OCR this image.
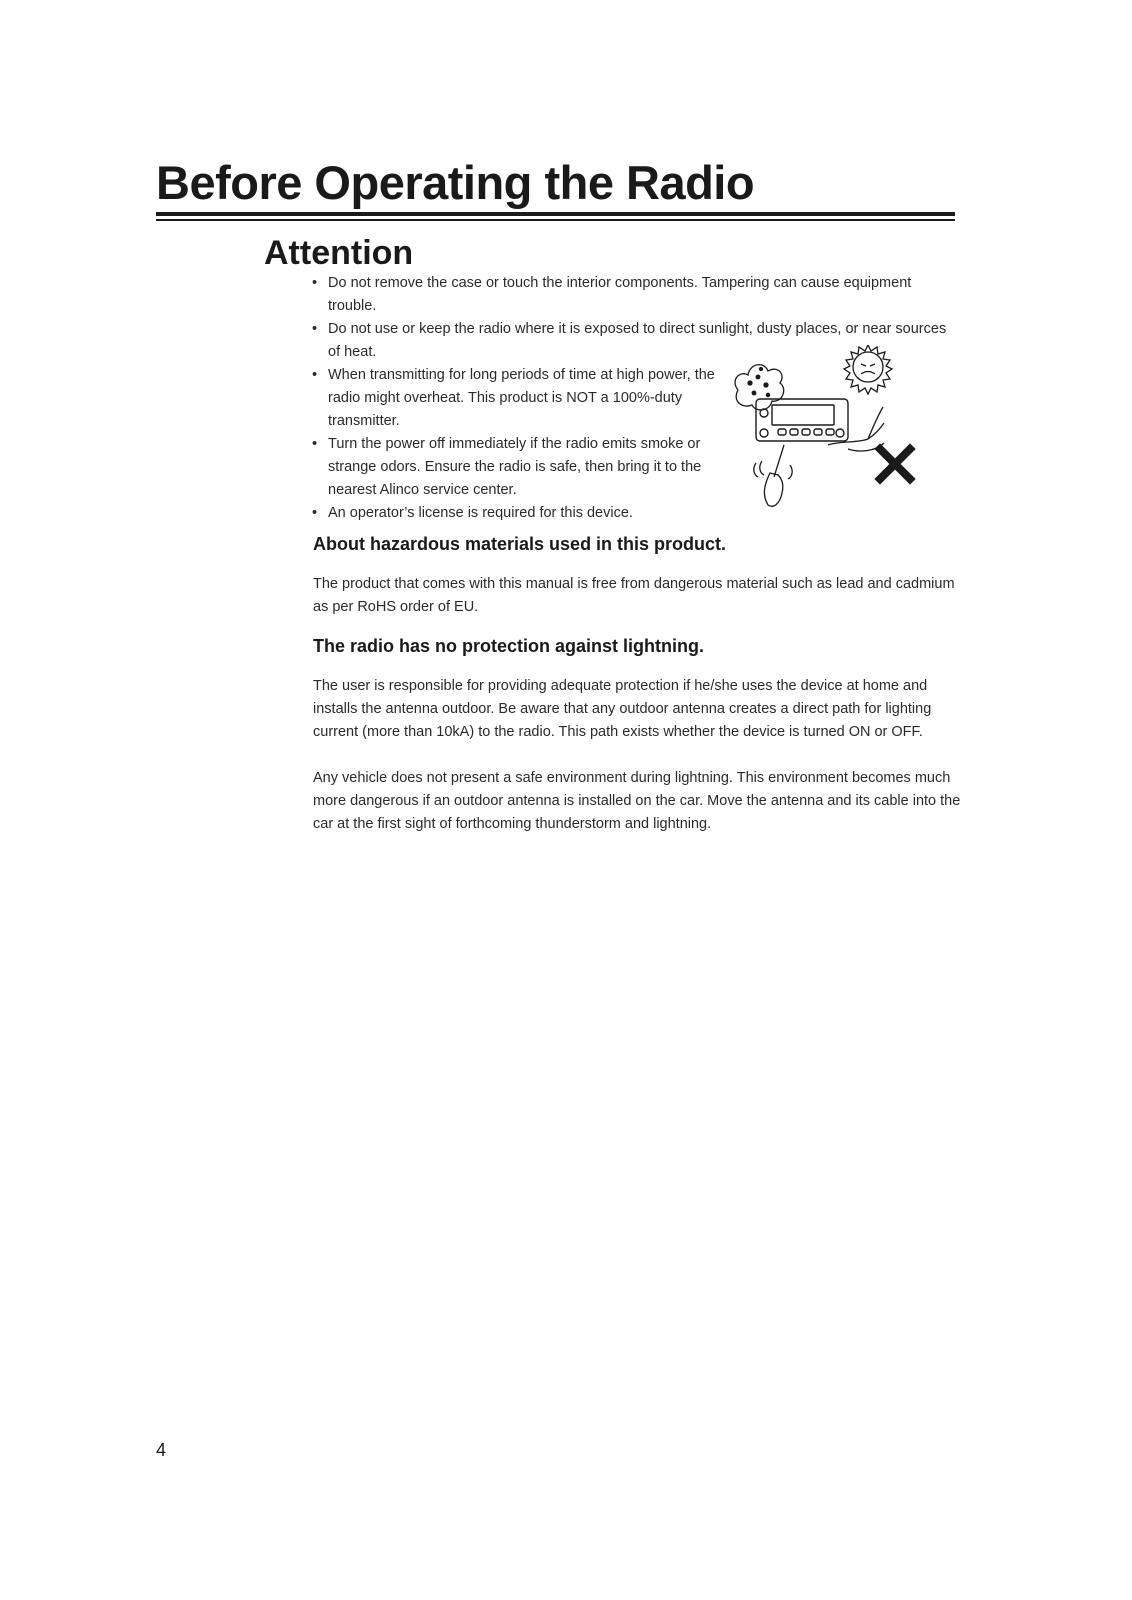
Before Operating the Radio
Attention
• Do not remove the case or touch the interior components. Tampering can cause equipment trouble.
• Do not use or keep the radio where it is exposed to direct sunlight, dusty places, or near sources of heat.
• When transmitting for long periods of time at high power, the radio might overheat. This product is NOT a 100%-duty transmitter.
• Turn the power off immediately if the radio emits smoke or strange odors. Ensure the radio is safe, then bring it to the nearest Alinco service center.
• An operator’s license is required for this device.
About hazardous materials used in this product.

The product that comes with this manual is free from dangerous material such as lead and cadmium as per RoHS order of EU.

The radio has no protection against lightning.

The user is responsible for providing adequate protection if he/she uses the device at home and installs the antenna outdoor. Be aware that any outdoor antenna creates a direct path for lighting current (more than 10kA) to the radio. This path exists whether the device is turned ON or OFF.

Any vehicle does not present a safe environment during lightning. This environment becomes much more dangerous if an outdoor antenna is installed on the car. Move the antenna and its cable into the car at the first sight of forthcoming thunderstorm and lightning.

4
